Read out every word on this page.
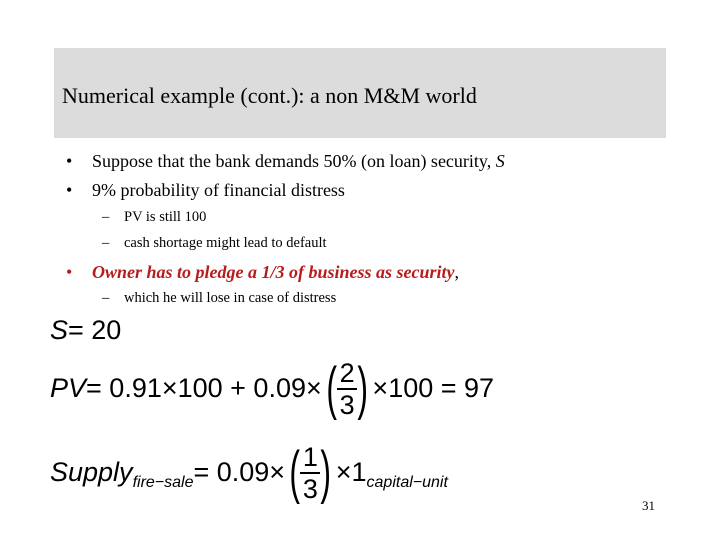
Numerical example (cont.): a non M&M world
• Suppose that the bank demands 50% (on loan) security, S
• 9% probability of financial distress
– PV is still 100
– cash shortage might lead to default
• Owner has to pledge a 1/3 of business as security,
– which he will lose in case of distress
S = 20
PV = 0.91×100 + 0.09× ( $\frac{2}{3}$ ) ×100 = 97
Supply fire−sale = 0.09× ( $\frac{1}{3}$ ) ×1 capital−unit
31
